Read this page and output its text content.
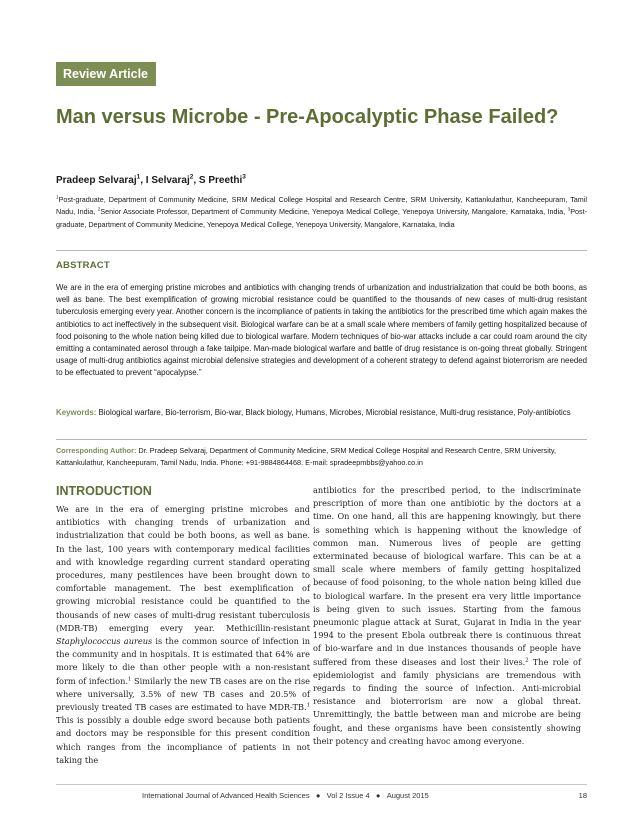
Review Article
Man versus Microbe - Pre-Apocalyptic Phase Failed?

Pradeep Selvaraj$^1$, I Selvaraj$^2$, S Preethi$^3$

$^1$Post-graduate, Department of Community Medicine, SRM Medical College Hospital and Research Centre, SRM University, Kattankulathur, Kancheepuram, Tamil Nadu, India, $^2$Senior Associate Professor, Department of Community Medicine, Yenepoya Medical College, Yenepoya University, Mangalore, Karnataka, India, $^3$Post-graduate, Department of Community Medicine, Yenepoya Medical College, Yenepoya University, Mangalore, Karnataka, India

ABSTRACT

We are in the era of emerging pristine microbes and antibiotics with changing trends of urbanization and industrialization that could be both boons, as well as bane. The best exemplification of growing microbial resistance could be quantified to the thousands of new cases of multi-drug resistant tuberculosis emerging every year. Another concern is the incompliance of patients in taking the antibiotics for the prescribed time which again makes the antibiotics to act ineffectively in the subsequent visit. Biological warfare can be at a small scale where members of family getting hospitalized because of food poisoning to the whole nation being killed due to biological warfare. Modern techniques of bio-war attacks include a car could roam around the city emitting a contaminated aerosol through a fake tailpipe. Man-made biological warfare and battle of drug resistance is on-going threat globally. Stringent usage of multi-drug antibiotics against microbial defensive strategies and development of a coherent strategy to defend against bioterrorism are needed to be effectuated to prevent “apocalypse.”

Keywords: Biological warfare, Bio-terrorism, Bio-war, Black biology, Humans, Microbes, Microbial resistance, Multi-drug resistance, Poly-antibiotics

Corresponding Author: Dr. Pradeep Selvaraj, Department of Community Medicine, SRM Medical College Hospital and Research Centre, SRM University, Kattankulathur, Kancheepuram, Tamil Nadu, India. Phone: +91-9884864468. E-mail: spradeepmbbs@yahoo.co.in

INTRODUCTION

We are in the era of emerging pristine microbes and antibiotics with changing trends of urbanization and industrialization that could be both boons, as well as bane. In the last, 100 years with contemporary medical facilities and with knowledge regarding current standard operating procedures, many pestilences have been brought down to comfortable management. The best exemplification of growing microbial resistance could be quantified to the thousands of new cases of multi-drug resistant tuberculosis (MDR-TB) emerging every year. Methicillin-resistant Staphylococcus aureus is the common source of infection in the community and in hospitals. It is estimated that 64% are more likely to die than other people with a non-resistant form of infection.$^1$ Similarly the new TB cases are on the rise where universally, 3.5% of new TB cases and 20.5% of previously treated TB cases are estimated to have MDR-TB.$^1$ This is possibly a double edge sword because both patients and doctors may be responsible for this present condition which ranges from the incompliance of patients in not taking the

antibiotics for the prescribed period, to the indiscriminate prescription of more than one antibiotic by the doctors at a time. On one hand, all this are happening knowingly, but there is something which is happening without the knowledge of common man. Numerous lives of people are getting exterminated because of biological warfare. This can be at a small scale where members of family getting hospitalized because of food poisoning, to the whole nation being killed due to biological warfare. In the present era very little importance is being given to such issues. Starting from the famous pneumonic plague attack at Surat, Gujarat in India in the year 1994 to the present Ebola outbreak there is continuous threat of bio-warfare and in due instances thousands of people have suffered from these diseases and lost their lives.$^2$ The role of epidemiologist and family physicians are tremendous with regards to finding the source of infection. Anti-microbial resistance and bioterrorism are now a global threat. Unremittingly, the battle between man and microbe are being fought, and these organisms have been consistently showing their potency and creating havoc among everyone.

International Journal of Advanced Health Sciences ● Vol 2 Issue 4 ● August 2015	18
